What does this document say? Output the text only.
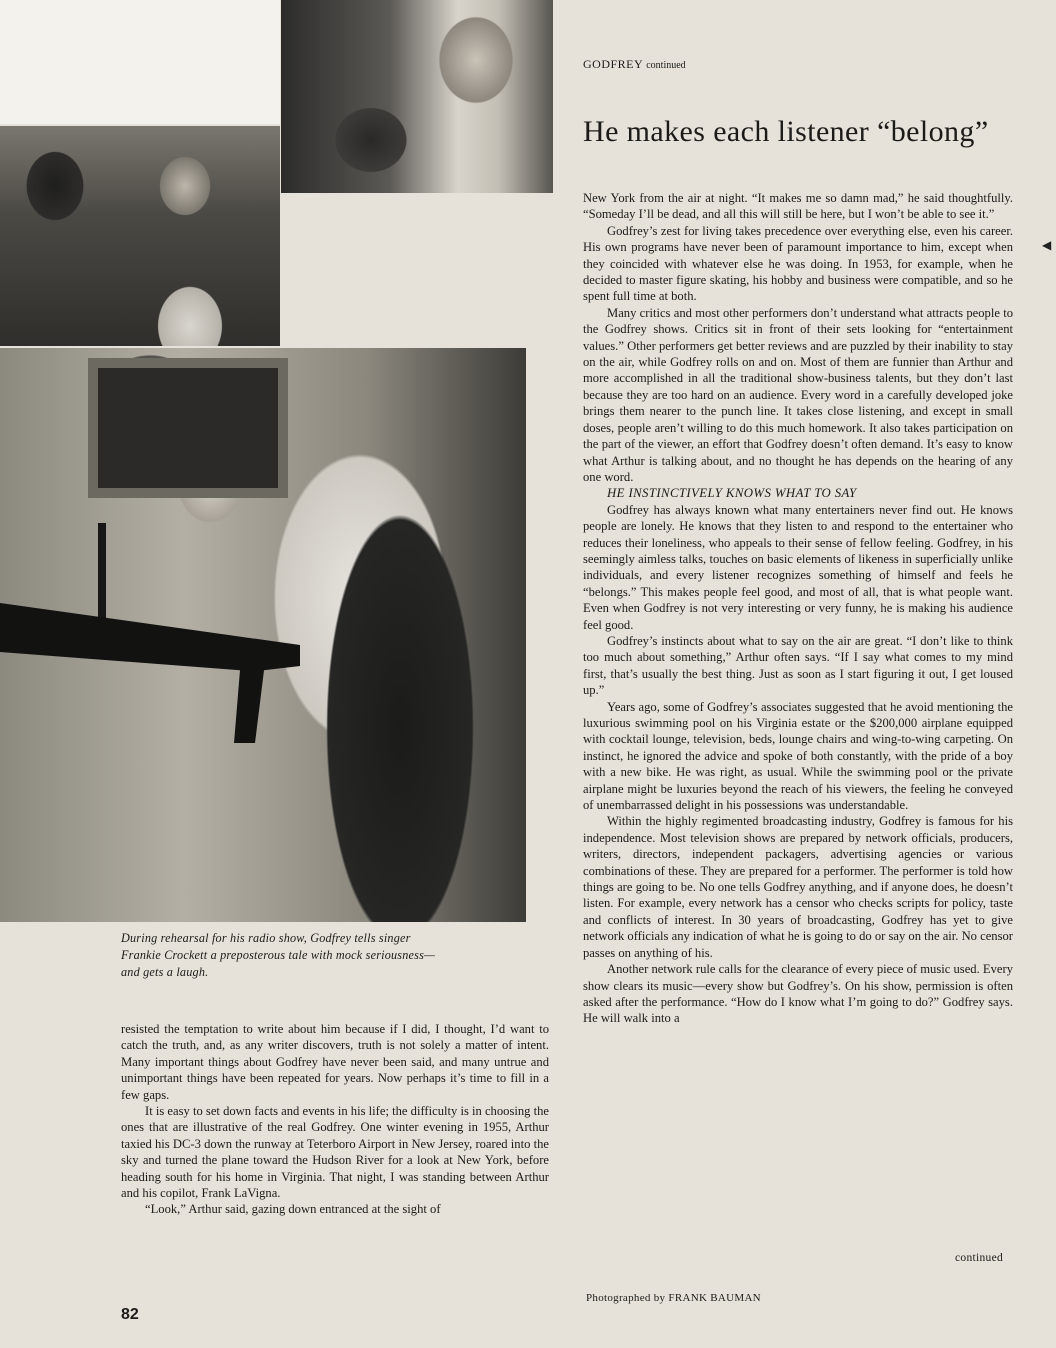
GODFREY continued
He makes each listener “belong”

New York from the air at night. “It makes me so damn mad,” he said thoughtfully. “Someday I’ll be dead, and all this will still be here, but I won’t be able to see it.”

Godfrey’s zest for living takes precedence over everything else, even his career. His own programs have never been of paramount importance to him, except when they coincided with whatever else he was doing. In 1953, for example, when he decided to master figure skating, his hobby and business were compatible, and so he spent full time at both.

Many critics and most other performers don’t understand what attracts people to the Godfrey shows. Critics sit in front of their sets looking for “entertainment values.” Other performers get better reviews and are puzzled by their inability to stay on the air, while Godfrey rolls on and on. Most of them are funnier than Arthur and more accomplished in all the traditional show-business talents, but they don’t last because they are too hard on an audience. Every word in a carefully developed joke brings them nearer to the punch line. It takes close listening, and except in small doses, people aren’t willing to do this much homework. It also takes participation on the part of the viewer, an effort that Godfrey doesn’t often demand. It’s easy to know what Arthur is talking about, and no thought he has depends on the hearing of any one word.

HE INSTINCTIVELY KNOWS WHAT TO SAY

Godfrey has always known what many entertainers never find out. He knows people are lonely. He knows that they listen to and respond to the entertainer who reduces their loneliness, who appeals to their sense of fellow feeling. Godfrey, in his seemingly aimless talks, touches on basic elements of likeness in superficially unlike individuals, and every listener recognizes something of himself and feels he “belongs.” This makes people feel good, and most of all, that is what people want. Even when Godfrey is not very interesting or very funny, he is making his audience feel good.

Godfrey’s instincts about what to say on the air are great. “I don’t like to think too much about something,” Arthur often says. “If I say what comes to my mind first, that’s usually the best thing. Just as soon as I start figuring it out, I get loused up.”

Years ago, some of Godfrey’s associates suggested that he avoid mentioning the luxurious swimming pool on his Virginia estate or the $200,000 airplane equipped with cocktail lounge, television, beds, lounge chairs and wing-to-wing carpeting. On instinct, he ignored the advice and spoke of both constantly, with the pride of a boy with a new bike. He was right, as usual. While the swimming pool or the private airplane might be luxuries beyond the reach of his viewers, the feeling he conveyed of unembarrassed delight in his possessions was understandable.

Within the highly regimented broadcasting industry, Godfrey is famous for his independence. Most television shows are prepared by network officials, producers, writers, directors, independent packagers, advertising agencies or various combinations of these. They are prepared for a performer. The performer is told how things are going to be. No one tells Godfrey anything, and if anyone does, he doesn’t listen. For example, every network has a censor who checks scripts for policy, taste and conflicts of interest. In 30 years of broadcasting, Godfrey has yet to give network officials any indication of what he is going to do or say on the air. No censor passes on anything of his.

Another network rule calls for the clearance of every piece of music used. Every show clears its music—every show but Godfrey’s. On his show, permission is often asked after the performance. “How do I know what I’m going to do?” Godfrey says. He will walk into a

During rehearsal for his radio show, Godfrey tells singer Frankie Crockett a preposterous tale with mock seriousness—and gets a laugh.

resisted the temptation to write about him because if I did, I thought, I’d want to catch the truth, and, as any writer discovers, truth is not solely a matter of intent. Many important things about Godfrey have never been said, and many untrue and unimportant things have been repeated for years. Now perhaps it’s time to fill in a few gaps.

It is easy to set down facts and events in his life; the difficulty is in choosing the ones that are illustrative of the real Godfrey. One winter evening in 1955, Arthur taxied his DC-3 down the runway at Teterboro Airport in New Jersey, roared into the sky and turned the plane toward the Hudson River for a look at New York, before heading south for his home in Virginia. That night, I was standing between Arthur and his copilot, Frank LaVigna.

“Look,” Arthur said, gazing down entranced at the sight of

continued
Photographed by FRANK BAUMAN
82
◀
